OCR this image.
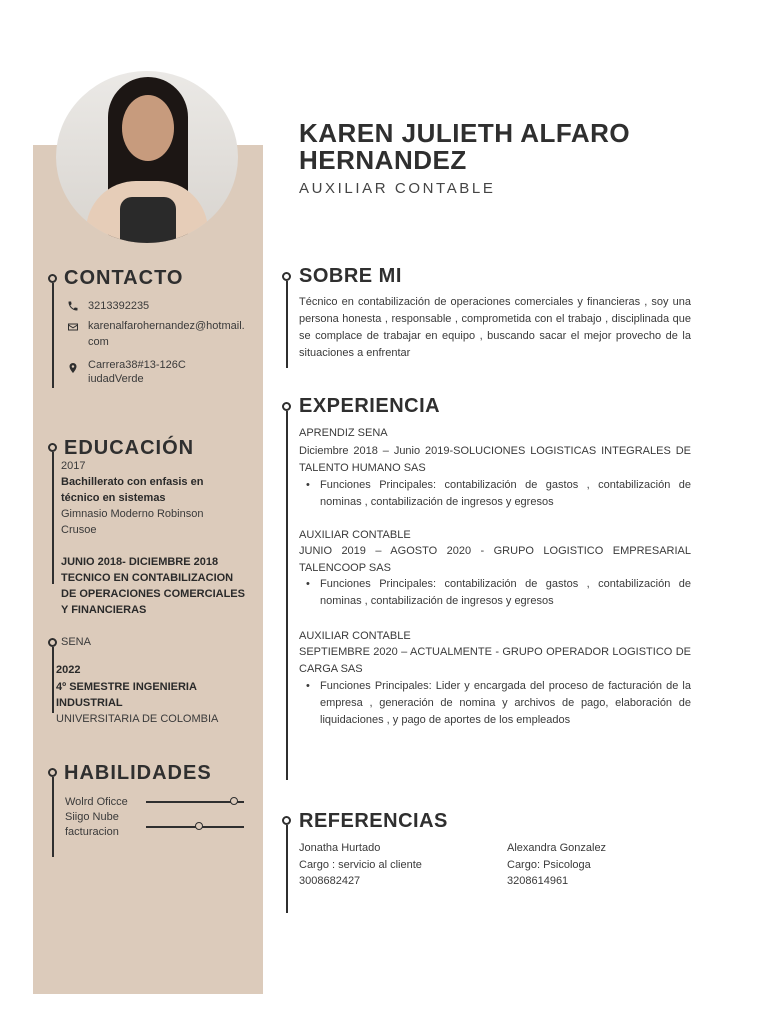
KAREN JULIETH ALFARO HERNANDEZ
AUXILIAR CONTABLE
CONTACTO
3213392235
karenalfarohernandez@hotmail.com
Carrera38#13-126CiudadVerde
EDUCACIÓN
2017
Bachillerato con enfasis en técnico en sistemas
Gimnasio Moderno Robinson Crusoe
JUNIO 2018- DICIEMBRE 2018
TECNICO EN CONTABILIZACION DE OPERACIONES COMERCIALES Y FINANCIERAS
SENA
2022
4º SEMESTRE INGENIERIA INDUSTRIAL
UNIVERSITARIA DE COLOMBIA
HABILIDADES
Wolrd Oficce
Siigo Nube
facturacion
SOBRE MI
Técnico en contabilización de operaciones comerciales y financieras , soy una persona honesta , responsable , comprometida con el trabajo , disciplinada que se complace de trabajar en equipo , buscando sacar el mejor provecho de la situaciones a enfrentar
EXPERIENCIA
APRENDIZ SENA
Diciembre 2018 – Junio 2019-SOLUCIONES LOGISTICAS INTEGRALES DE TALENTO HUMANO SAS
• Funciones Principales: contabilización de gastos , contabilización de nominas , contabilización de ingresos y egresos
AUXILIAR CONTABLE
JUNIO 2019 – AGOSTO 2020 - GRUPO LOGISTICO EMPRESARIAL TALENCOOP SAS
• Funciones Principales: contabilización de gastos , contabilización de nominas , contabilización de ingresos y egresos
AUXILIAR CONTABLE
SEPTIEMBRE 2020 – ACTUALMENTE - GRUPO OPERADOR LOGISTICO DE CARGA SAS
• Funciones Principales: Lider y encargada del proceso de facturación de la empresa , generación de nomina y archivos de pago, elaboración de liquidaciones , y pago de aportes de los empleados
REFERENCIAS
Jonatha Hurtado
Cargo : servicio al cliente
3008682427
Alexandra Gonzalez
Cargo: Psicologa
3208614961
